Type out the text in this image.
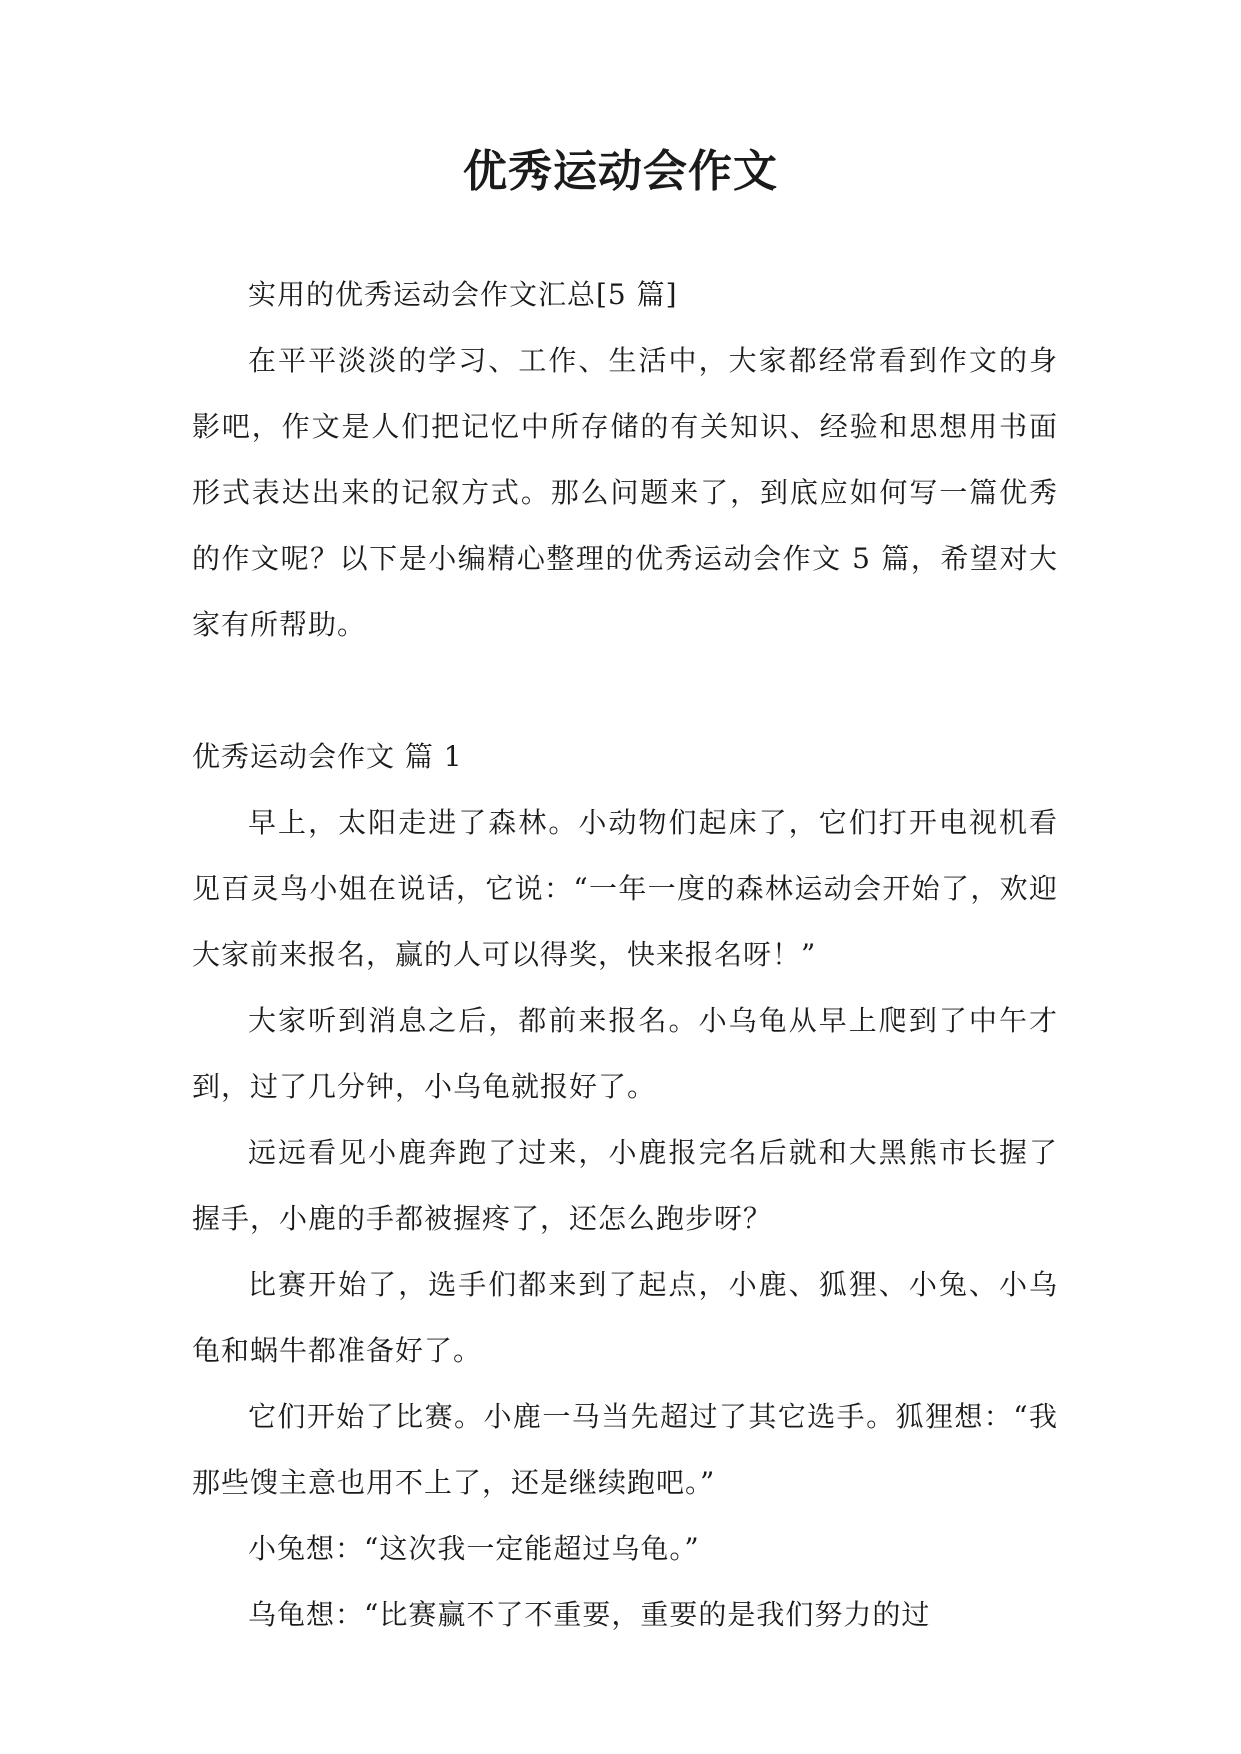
优秀运动会作文

实用的优秀运动会作文汇总[5 篇]

在平平淡淡的学习、工作、生活中，大家都经常看到作文的身影吧，作文是人们把记忆中所存储的有关知识、经验和思想用书面形式表达出来的记叙方式。那么问题来了，到底应如何写一篇优秀的作文呢？以下是小编精心整理的优秀运动会作文 5 篇，希望对大家有所帮助。

优秀运动会作文 篇 1

早上，太阳走进了森林。小动物们起床了，它们打开电视机看见百灵鸟小姐在说话，它说：“一年一度的森林运动会开始了，欢迎大家前来报名，赢的人可以得奖，快来报名呀！”

大家听到消息之后，都前来报名。小乌龟从早上爬到了中午才到，过了几分钟，小乌龟就报好了。

远远看见小鹿奔跑了过来，小鹿报完名后就和大黑熊市长握了握手，小鹿的手都被握疼了，还怎么跑步呀？

比赛开始了，选手们都来到了起点，小鹿、狐狸、小兔、小乌龟和蜗牛都准备好了。

它们开始了比赛。小鹿一马当先超过了其它选手。狐狸想：“我那些馊主意也用不上了，还是继续跑吧。”

小兔想：“这次我一定能超过乌龟。”

乌龟想：“比赛赢不了不重要，重要的是我们努力的过
